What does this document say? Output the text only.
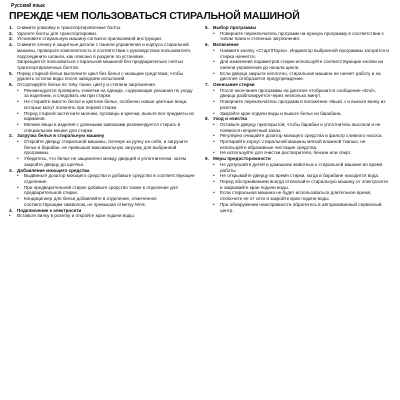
Русский язык
ПРЕЖДЕ ЧЕМ ПОЛЬЗОВАТЬСЯ СТИРАЛЬНОЙ МАШИНОЙ
1. Снимите упаковку и транспортировочные болты.
2. Удалите болты для транспортировки.
3. Установите стиральную машину согласно прилагаемой инструкции.
4. Снимите пленку и защитные детали с панели управления и корпуса стиральной машины, проверьте комплектность в соответствии с руководством пользователя, подсоедините шланги, как описано в разделе по установке.
Запрещается пользоваться стиральной машиной без предварительно снятых транспортировочных болтов.
5. Перед стиркой белья выполните цикл без белья с моющим средством, чтобы удалить остатки воды после заводских испытаний.
6. Отсортируйте белье по типу ткани, цвету и степени загрязнения.
•	Рекомендуется проверить этикетки на одежде, содержащие указания по уходу за изделием, и следовать им при стирке.
•	Не стирайте вместе белое и цветное белье, особенно новые цветные вещи, которые могут полинять при первой стирке.
•	Перед стиркой застегните молнии, пуговицы и крючки, выньте все предметы из карманов.
•	Мелкие вещи и изделия с длинными завязками рекомендуется стирать в специальном мешке для стирки.
2. Загрузка белья в стиральную машину
•	Откройте дверцу стиральной машины, потянув за ручку на себя, и загрузите белье в барабан, не превышая максимальную загрузку для выбранной программы.
•	Убедитесь, что белье не защемлено между дверцей и уплотнителем, затем закройте дверцу до щелчка.
3. Добавление моющего средства
•	Выдвиньте дозатор моющего средства и добавьте средство в соответствующее отделение.
•	При предварительной стирке добавьте средство также в отделение для предварительной стирки.
•	Кондиционер для белья добавляйте в отделение, отмеченное соответствующим символом, не превышая отметку MAX.
4. Подключение к электросети
•	Вставьте вилку в розетку и откройте кран подачи воды.
5. Выбор программы
•	Поверните переключатель программ на нужную программу в соответствии с типом ткани и степенью загрязнения.
6. Включение
•	Нажмите кнопку «Старт/Пауза». Индикатор выбранной программы загорится и стирка начнется.
•	Для изменения параметров стирки используйте соответствующие кнопки на панели управления до начала цикла.
•	Если дверца закрыта неплотно, стиральная машина не начнет работу и на дисплее отобразится предупреждение.
7. Окончание стирки
•	После окончания программы на дисплее отобразится сообщение «End», дверца разблокируется через несколько минут.
•	Поверните переключатель программ в положение «Выкл.» и выньте вилку из розетки.
•	Закройте кран подачи воды и выньте белье из барабана.
8. Уход и очистка
•	Оставьте дверцу приоткрытой, чтобы барабан и уплотнитель высохли и не появился неприятный запах.
•	Регулярно очищайте дозатор моющего средства и фильтр сливного насоса.
•	Протирайте корпус стиральной машины мягкой влажной тканью, не используйте абразивные чистящие средства.
•	Не используйте для очистки растворители, бензин или спирт.
9. Меры предосторожности
•	Не допускайте детей и домашних животных к стиральной машине во время работы.
•	Не открывайте дверцу во время стирки, когда в барабане находится вода.
•	Перед обслуживанием всегда отключайте стиральную машину от электросети и закрывайте кран подачи воды.
•	Если стиральная машина не будет использоваться длительное время, отключите ее от сети и закройте кран подачи воды.
•	При обнаружении неисправности обратитесь в авторизованный сервисный центр.
